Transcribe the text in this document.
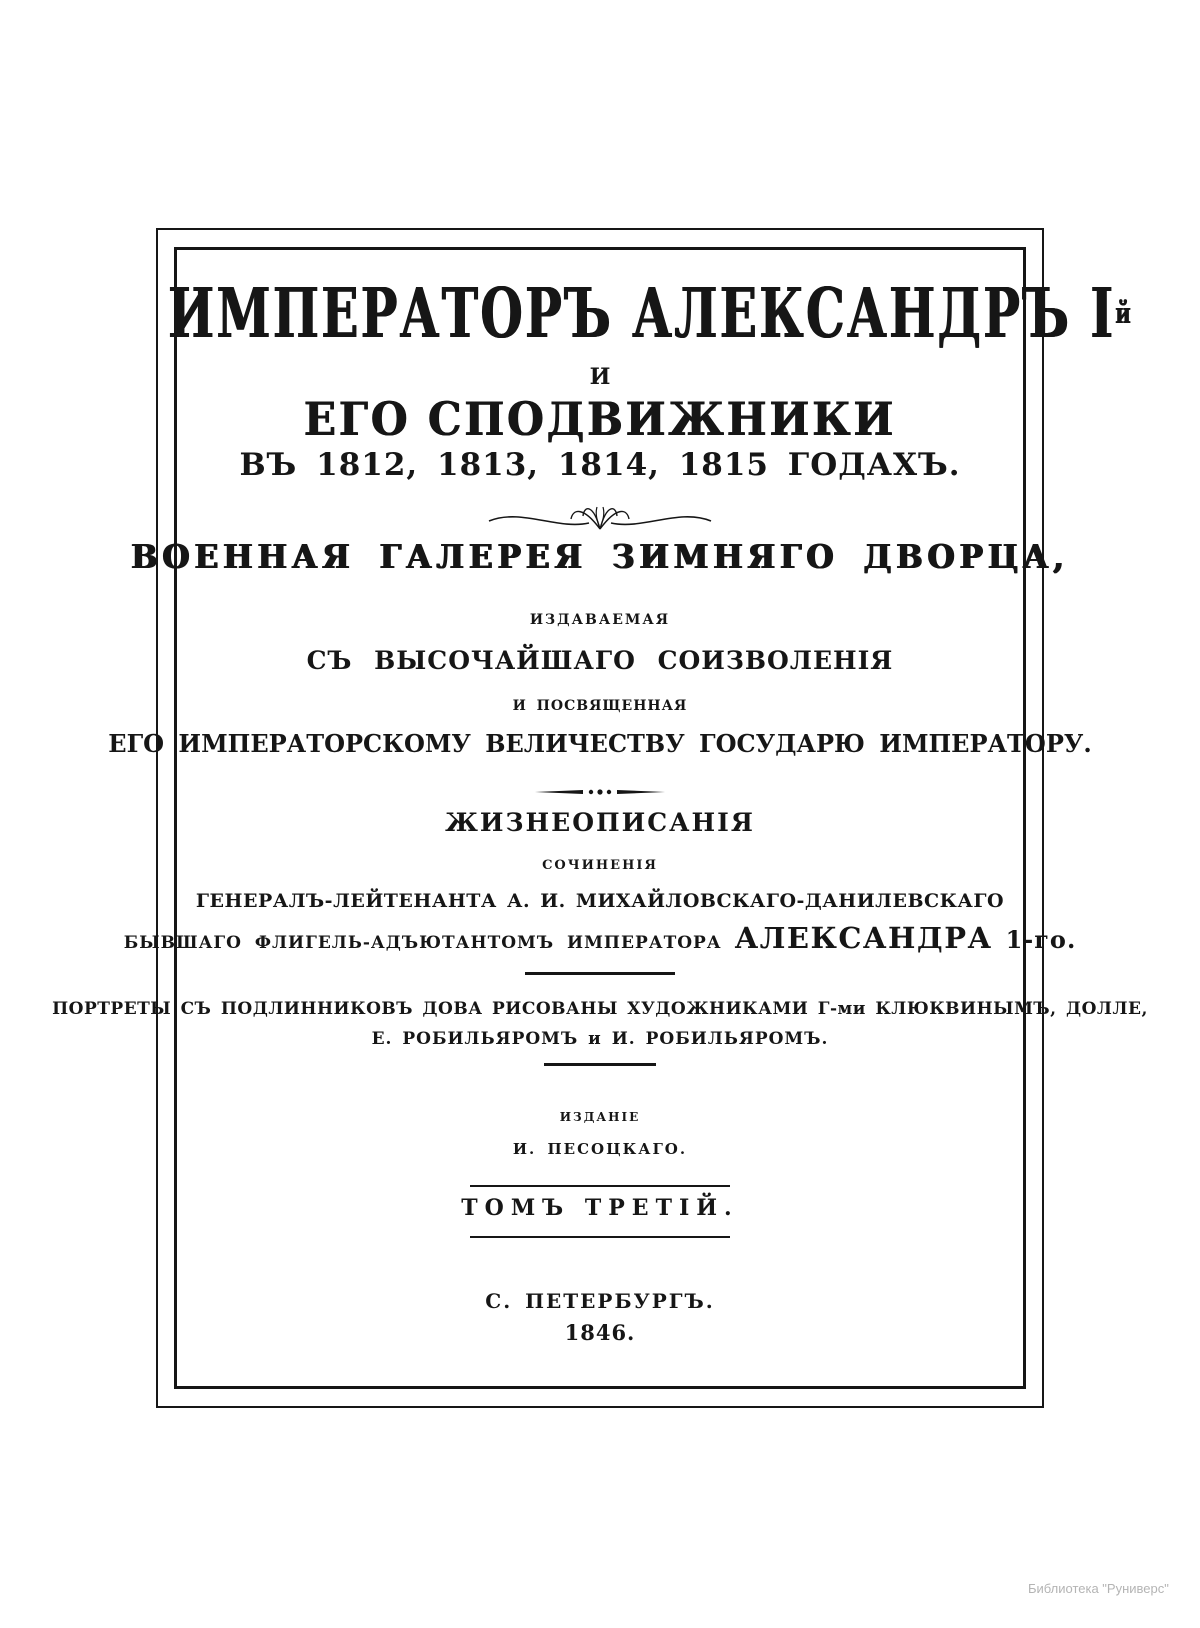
ИМПЕРАТОРЪ АЛЕКСАНДРЪ $I^й$
И
ЕГО СПОДВИЖНИКИ
ВЪ 1812, 1813, 1814, 1815 ГОДАХЪ.
ВОЕННАЯ ГАЛЕРЕЯ ЗИМНЯГО ДВОРЦА,
ИЗДАВАЕМАЯ
СЪ ВЫСОЧАЙШАГО СОИЗВОЛЕНІЯ
И ПОСВЯЩЕННАЯ
ЕГО ИМПЕРАТОРСКОМУ ВЕЛИЧЕСТВУ ГОСУДАРЮ ИМПЕРАТОРУ.
ЖИЗНЕОПИСАНІЯ
СОЧИНЕНІЯ
ГЕНЕРАЛЪ-ЛЕЙТЕНАНТА А. И. МИХАЙЛОВСКАГО-ДАНИЛЕВСКАГО
БЫВШАГО ФЛИГЕЛЬ-АДЪЮТАНТОМЪ ИМПЕРАТОРА АЛЕКСАНДРА 1-го.
ПОРТРЕТЫ СЪ ПОДЛИННИКОВЪ ДОВА РИСОВАНЫ ХУДОЖНИКАМИ Г-ми КЛЮКВИНЫМЪ, ДОЛЛЕ,
Е. РОБИЛЬЯРОМЪ и И. РОБИЛЬЯРОМЪ.
ИЗДАНІЕ
И. ПЕСОЦКАГО.
ТОМЪ ТРЕТІЙ.
С. ПЕТЕРБУРГЪ.
1846.
Библиотека "Руниверс"
